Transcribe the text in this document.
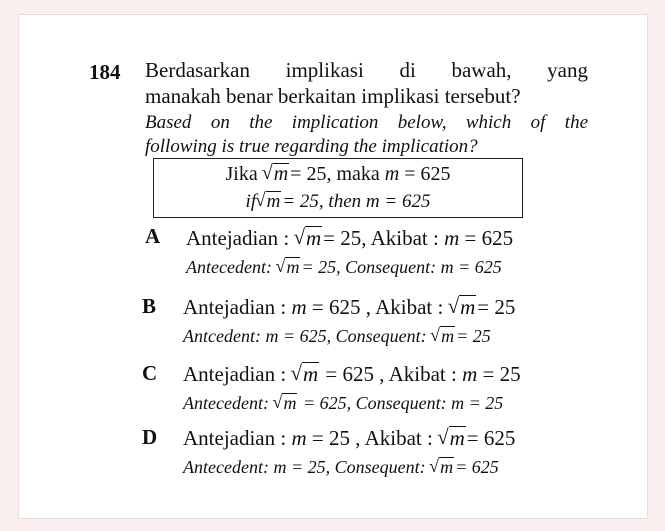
184 Berdasarkan implikasi di bawah, yang
manakah benar berkaitan implikasi tersebut?
Based on the implication below, which of the
following is true regarding the implication?
Jika √ m = 25, maka m = 625
if √ m = 25, then m = 625
A Antejadian : √ m= 25, Akibat : m = 625
Antecedent: √ m = 25, Consequent: m = 625
B Antejadian : m = 625 , Akibat : √ m= 25
Antcedent: m = 625, Consequent: √ m = 25
C Antejadian : √ m = 625 , Akibat : m = 25
Antecedent: √ m = 625, Consequent: m = 25
D Antejadian : m = 25 , Akibat : √ m= 625
Antecedent: m = 25, Consequent: √ m = 625
